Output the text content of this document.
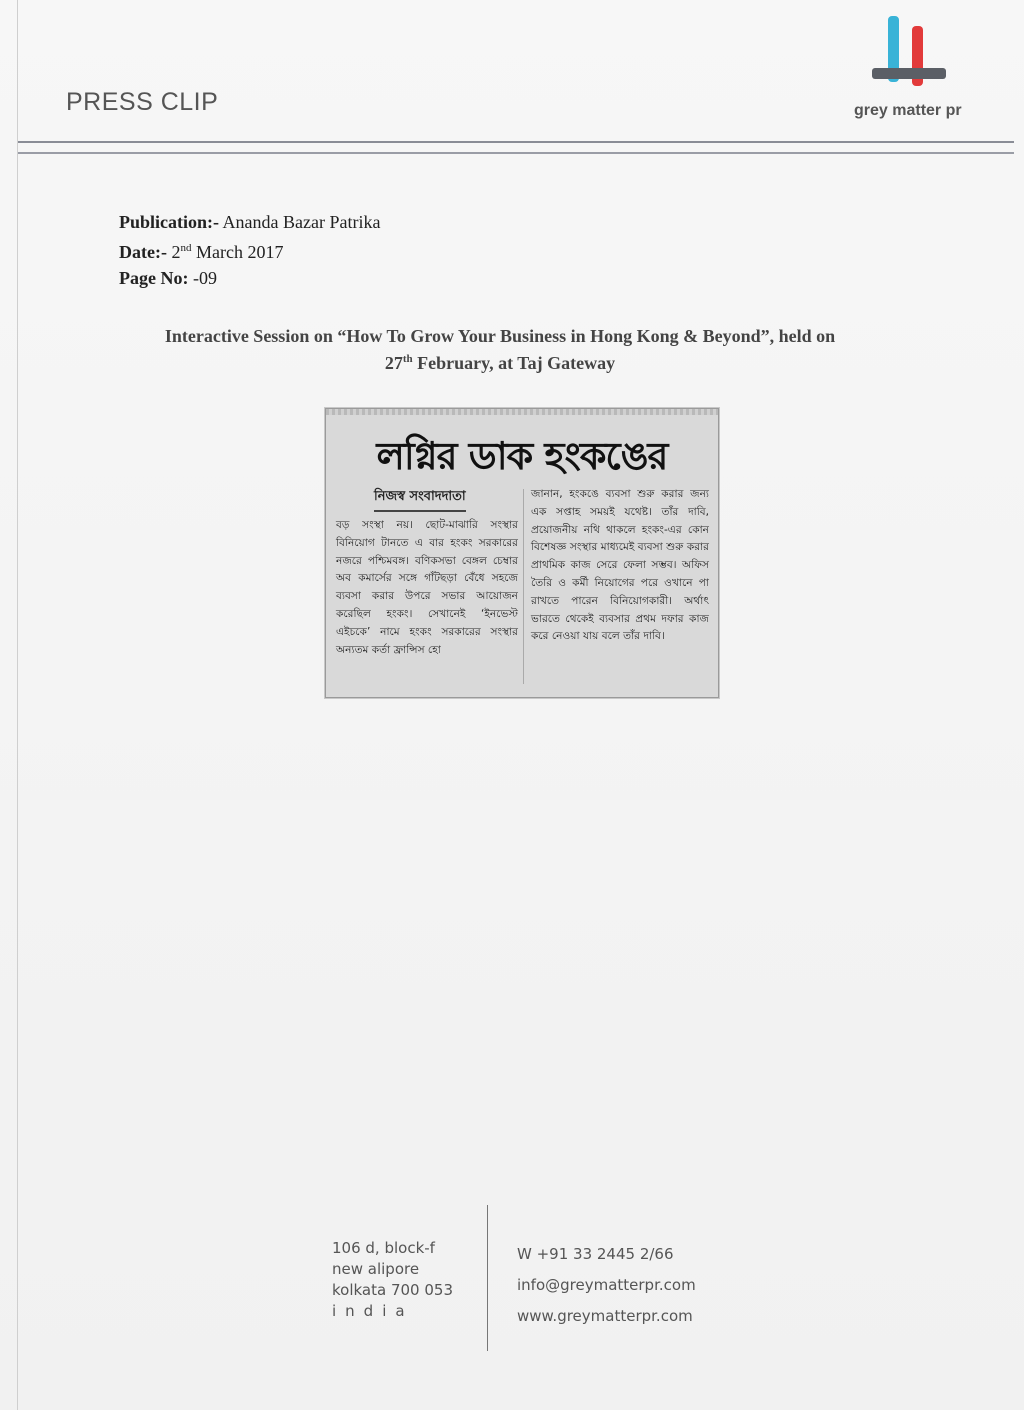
PRESS CLIP	grey matter pr
Publication:- Ananda Bazar Patrika
Date:- 2nd March 2017
Page No: -09
Interactive Session on “How To Grow Your Business in Hong Kong & Beyond”, held on
27th February, at Taj Gateway
লগ্নির ডাক হংকঙের
নিজস্ব সংবাদদাতা
বড় সংস্থা নয়। ছোট-মাঝারি সংস্থার বিনিয়োগ টানতে এ বার হংকং সরকারের নজরে পশ্চিমবঙ্গ। বণিকসভা বেঙ্গল চেম্বার অব কমার্সের সঙ্গে গাঁটছড়া বেঁধে সহজে ব্যবসা করার উপরে সভার আয়োজন করেছিল হংকং। সেখানেই ‘ইনভেস্ট এইচকে’ নামে হংকং সরকারের সংস্থার অন্যতম কর্তা ফ্রান্সিস হো
জানান, হংকঙে ব্যবসা শুরু করার জন্য এক সপ্তাহ সময়ই যথেষ্ট। তাঁর দাবি, প্রয়োজনীয় নথি থাকলে হংকং-এর কোন বিশেষজ্ঞ সংস্থার মাধ্যমেই ব্যবসা শুরু করার প্রাথমিক কাজ সেরে ফেলা সম্ভব। অফিস তৈরি ও কর্মী নিয়োগের পরে ওখানে পা রাখতে পারেন বিনিয়োগকারী। অর্থাৎ ভারতে থেকেই ব্যবসার প্রথম দফার কাজ করে নেওয়া যায় বলে তাঁর দাবি।
106 d, block-f
new alipore
kolkata 700 053
india
W +91 33 2445 2/66
info@greymatterpr.com
www.greymatterpr.com
